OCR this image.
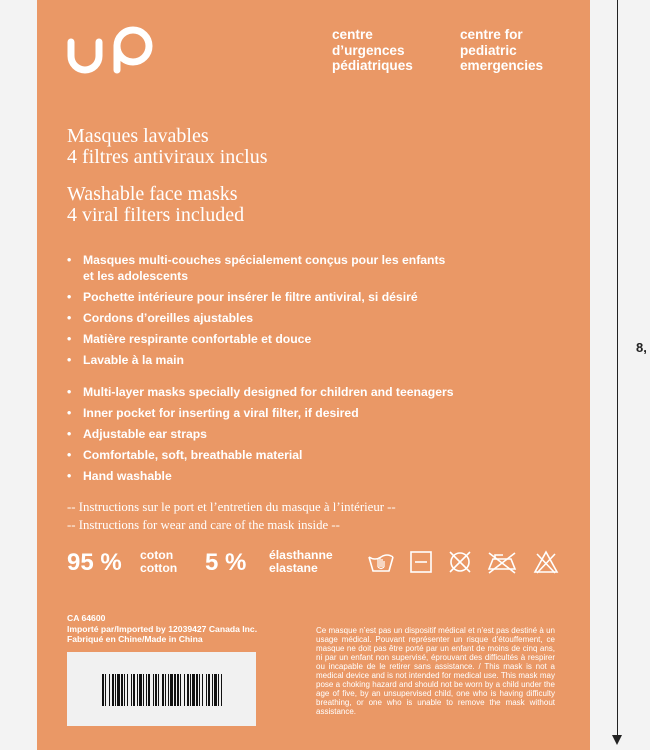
centre
d’urgences
pédiatriques
centre for
pediatric
emergencies
Masques lavables
4 filtres antiviraux inclus
Washable face masks
4 viral filters included
• Masques multi-couches spécialement conçus pour les enfants
et les adolescents
• Pochette intérieure pour insérer le filtre antiviral, si désiré
• Cordons d’oreilles ajustables
• Matière respirante confortable et douce
• Lavable à la main
• Multi-layer masks specially designed for children and teenagers
• Inner pocket for inserting a viral filter, if desired
• Adjustable ear straps
• Comfortable, soft, breathable material
• Hand washable
-- Instructions sur le port et l’entretien du masque à l’intérieur --
-- Instructions for wear and care of the mask inside --
95 % coton
cotton 5 % élasthanne
elastane
CA 64600
Importé par/Imported by 12039427 Canada Inc.
Fabriqué en Chine/Made in China
Ce masque n’est pas un dispositif médical et n’est pas destiné à un usage médical. Pouvant représenter un risque d’étouffement, ce masque ne doit pas être porté par un enfant de moins de cinq ans, ni par un enfant non supervisé, éprouvant des difficultés à respirer ou incapable de le retirer sans assistance. / This mask is not a medical device and is not intended for medical use. This mask may pose a choking hazard and should not be worn by a child under the age of five, by an unsupervised child, one who is having difficulty breathing, or one who is unable to remove the mask without assistance.
8,
